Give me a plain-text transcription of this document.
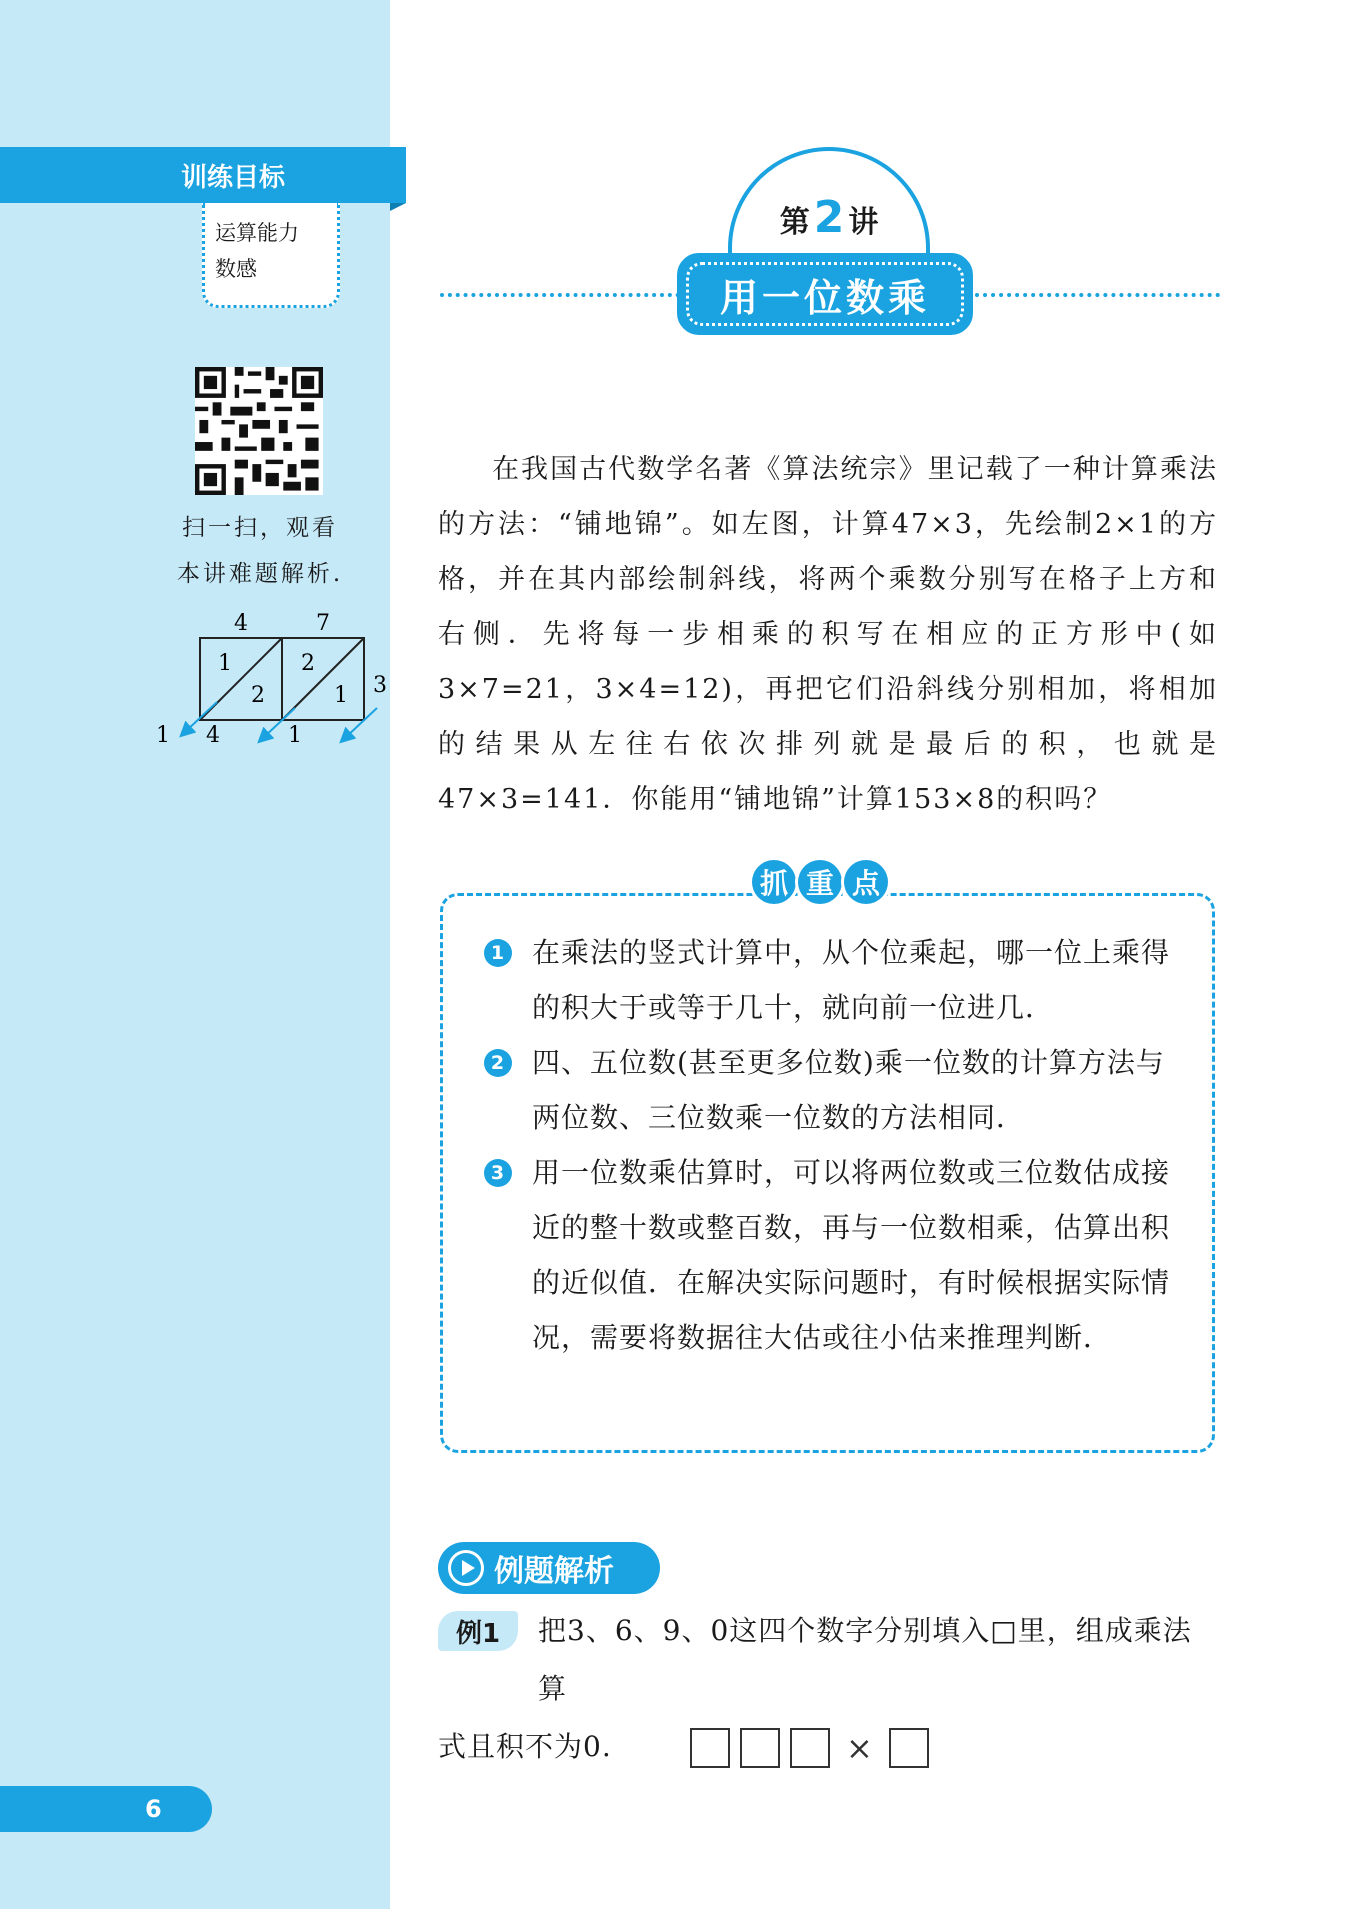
训练目标
运算能力
数感
扫一扫，观看
本讲难题解析.
4	7
1
2
2
1 3
1 4	1
6
第2 讲
用一位数乘

在我国古代数学名著《算法统宗》里记载了一种计算乘法的方法：“铺地锦”。如左图，计算47×3，先绘制2×1的方格，并在其内部绘制斜线，将两个乘数分别写在格子上方和右侧．先将每一步相乘的积写在相应的正方形中(如3×7=21，3×4=12)，再把它们沿斜线分别相加，将相加的结果从左往右依次排列就是最后的积，也就是47×3=141．你能用“铺地锦”计算153×8的积吗？

抓 重 点
1 在乘法的竖式计算中，从个位乘起，哪一位上乘得的积大于或等于几十，就向前一位进几．
2 四、五位数(甚至更多位数)乘一位数的计算方法与两位数、三位数乘一位数的方法相同．
3 用一位数乘估算时，可以将两位数或三位数估成接近的整十数或整百数，再与一位数相乘，估算出积的近似值．在解决实际问题时，有时候根据实际情况，需要将数据往大估或往小估来推理判断．
例题解析
例1	把3、6、9、0这四个数字分别填入□里，组成乘法算
式且积不为0.	×
